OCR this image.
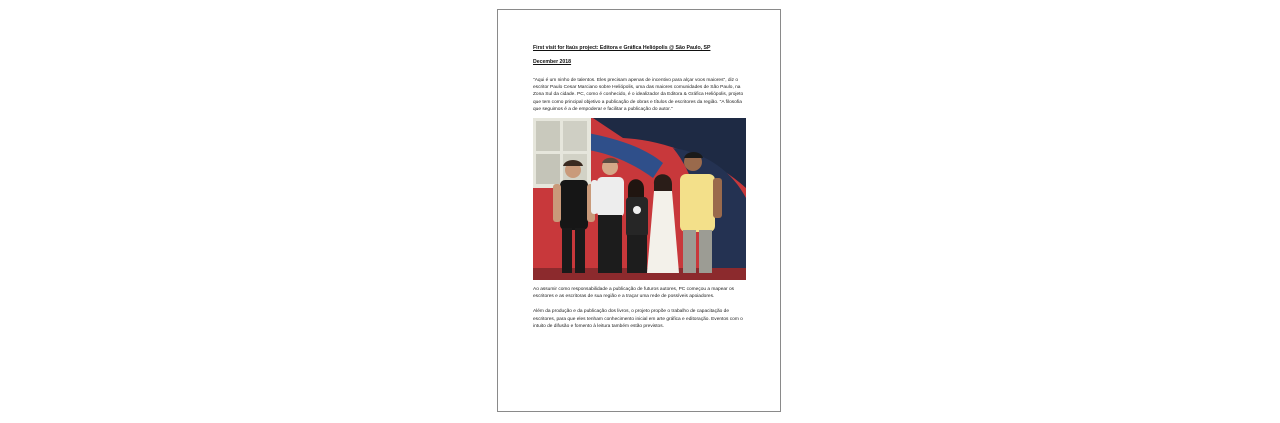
First visit for Itaús project: Editora e Gráfica Heliópolis @ São Paulo, SP

December 2018

"Aqui é um ninho de talentos. Eles precisam apenas de incentivo para alçar voos maiores", diz o escritor Paulo Cesar Marciano sobre Heliópolis, uma das maiores comunidades de São Paulo, na Zona Sul da cidade. PC, como é conhecido, é o idealizador da Editora & Gráfica Heliópolis, projeto que tem como principal objetivo a publicação de obras e títulos de escritores da região. "A filosofia que seguimos é a de empoderar e facilitar a publicação do autor."

Ao assumir como responsabilidade a publicação de futuros autores, PC começou a mapear os escritores e as escritoras de sua região e a traçar uma rede de possíveis apoiadores.

Além da produção e da publicação dos livros, o projeto propõe o trabalho de capacitação de escritores, para que eles tenham conhecimento inicial em arte gráfica e editoração. Eventos com o intuito de difusão e fomento à leitura também estão previstos.
